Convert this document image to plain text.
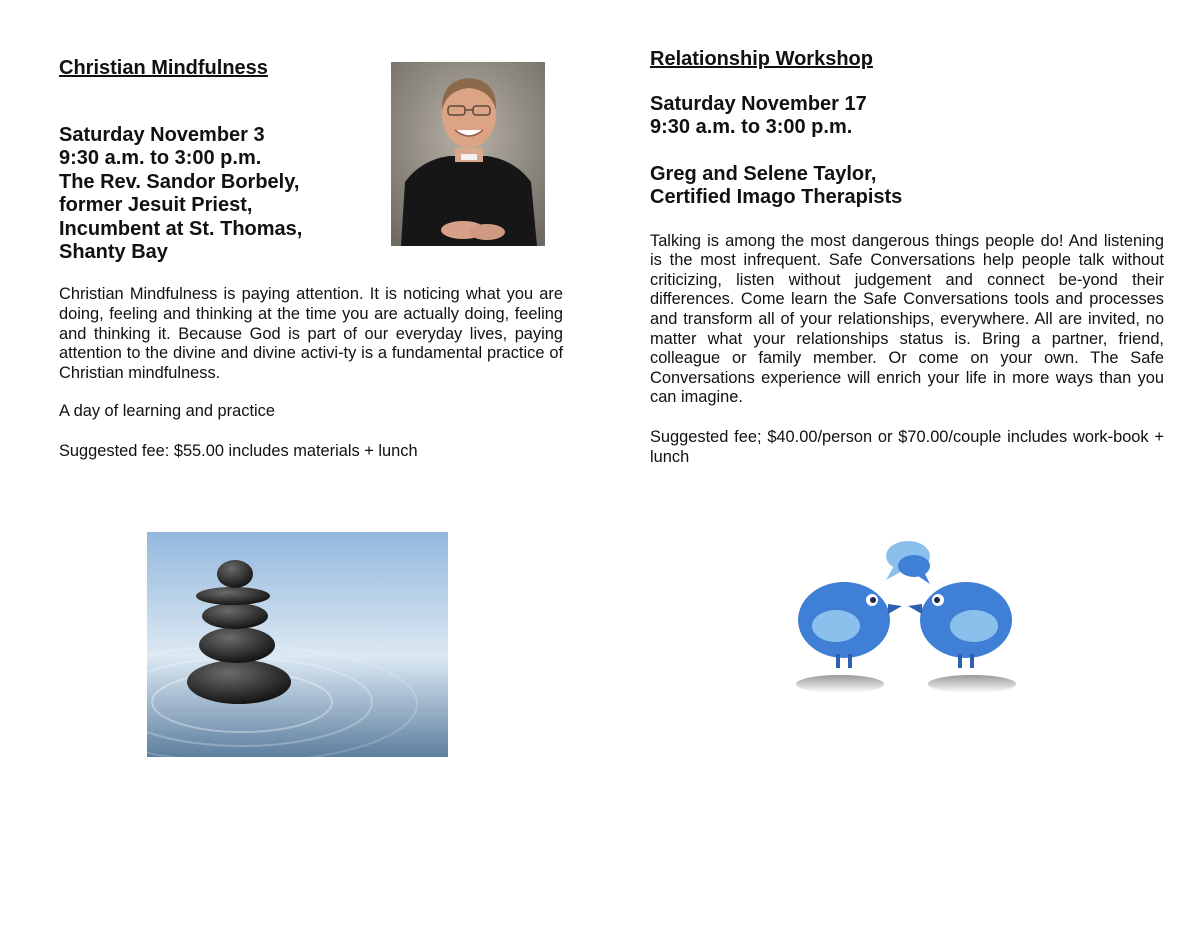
Christian Mindfulness

Saturday November 3
9:30 a.m. to 3:00 p.m.
The Rev. Sandor Borbely,
former Jesuit Priest,
Incumbent at St. Thomas,
Shanty Bay

Christian Mindfulness is paying attention. It is noticing what you are doing, feeling and thinking at the time you are actually doing, feeling and thinking it. Because God is part of our everyday lives, paying attention to the divine and divine activi-ty is a fundamental practice of Christian mindfulness.

A day of learning and practice

Suggested fee: $55.00 includes materials + lunch

Relationship Workshop

Saturday November 17
9:30 a.m. to 3:00 p.m.
Greg and Selene Taylor,
Certified Imago Therapists

Talking is among the most dangerous things people do! And listening is the most infrequent. Safe Conversations help people talk without criticizing, listen without judgement and connect be-yond their differences. Come learn the Safe Conversations tools and processes and transform all of your relationships, everywhere. All are invited, no matter what your relationships status is. Bring a partner, friend, colleague or family member. Or come on your own. The Safe Conversations experience will enrich your life in more ways than you can imagine.

Suggested fee; $40.00/person or $70.00/couple includes work-book + lunch
